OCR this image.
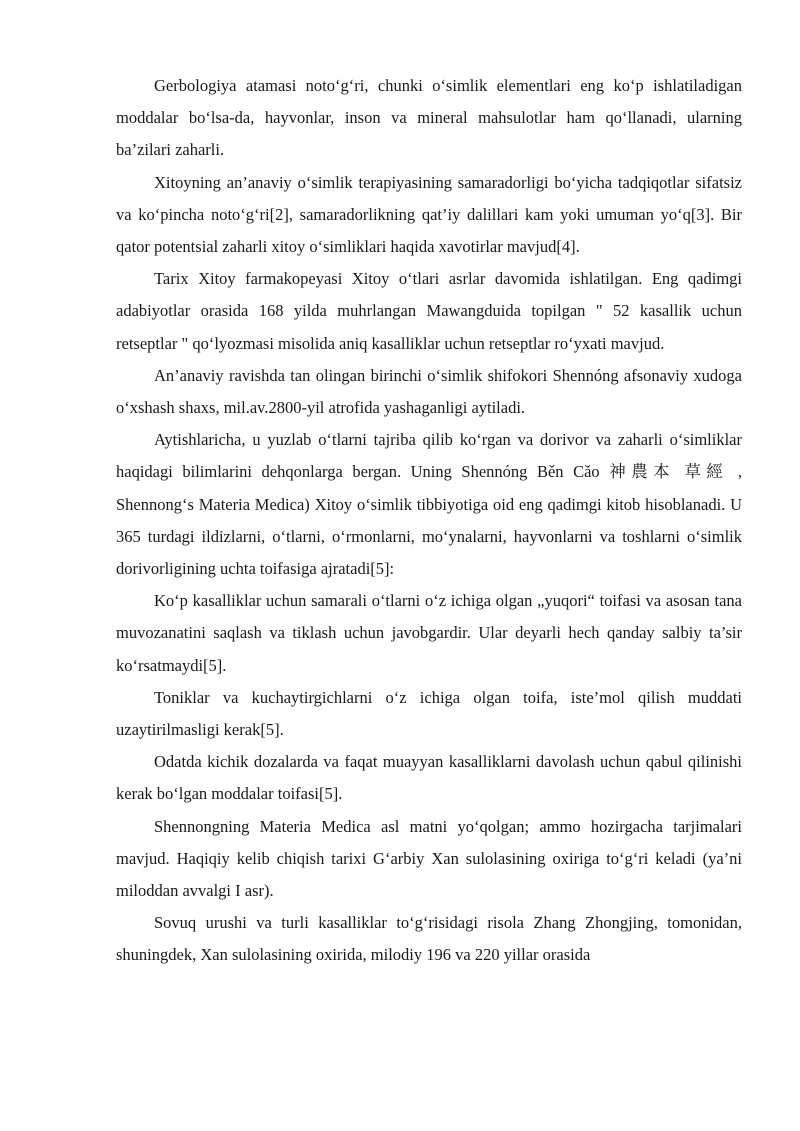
Gerbologiya atamasi noto‘g‘ri, chunki o‘simlik elementlari eng ko‘p ishlatiladigan moddalar bo‘lsa-da, hayvonlar, inson va mineral mahsulotlar ham qo‘llanadi, ularning ba’zilari zaharli.

Xitoyning an’anaviy o‘simlik terapiyasining samaradorligi bo‘yicha tadqiqotlar sifatsiz va ko‘pincha noto‘g‘ri[2], samaradorlikning qat’iy dalillari kam yoki umuman yo‘q[3]. Bir qator potentsial zaharli xitoy o‘simliklari haqida xavotirlar mavjud[4].

Tarix Xitoy farmakopeyasi Xitoy o‘tlari asrlar davomida ishlatilgan. Eng qadimgi adabiyotlar orasida 168 yilda muhrlangan Mawangduida topilgan " 52 kasallik uchun retseptlar " qo‘lyozmasi misolida aniq kasalliklar uchun retseptlar ro‘yxati mavjud.

An’anaviy ravishda tan olingan birinchi o‘simlik shifokori Shennóng afsonaviy xudoga o‘xshash shaxs, mil.av.2800-yil atrofida yashaganligi aytiladi.

Aytishlaricha, u yuzlab o‘tlarni tajriba qilib ko‘rgan va dorivor va zaharli o‘simliklar haqidagi bilimlarini dehqonlarga bergan. Uning Shennóng Běn Cǎo 神農本 草經 , Shennong‘s Materia Medica) Xitoy o‘simlik tibbiyotiga oid eng qadimgi kitob hisoblanadi. U 365 turdagi ildizlarni, o‘tlarni, o‘rmonlarni, mo‘ynalarni, hayvonlarni va toshlarni o‘simlik dorivorligining uchta toifasiga ajratadi[5]:

Ko‘p kasalliklar uchun samarali o‘tlarni o‘z ichiga olgan „yuqori“ toifasi va asosan tana muvozanatini saqlash va tiklash uchun javobgardir. Ular deyarli hech qanday salbiy ta’sir ko‘rsatmaydi[5].

Toniklar va kuchaytirgichlarni o‘z ichiga olgan toifa, iste’mol qilish muddati uzaytirilmasligi kerak[5].

Odatda kichik dozalarda va faqat muayyan kasalliklarni davolash uchun qabul qilinishi kerak bo‘lgan moddalar toifasi[5].

Shennongning Materia Medica asl matni yo‘qolgan; ammo hozirgacha tarjimalari mavjud. Haqiqiy kelib chiqish tarixi G‘arbiy Xan sulolasining oxiriga to‘g‘ri keladi (ya’ni miloddan avvalgi I asr).

Sovuq urushi va turli kasalliklar to‘g‘risidagi risola Zhang Zhongjing, tomonidan, shuningdek, Xan sulolasining oxirida, milodiy 196 va 220 yillar orasida
